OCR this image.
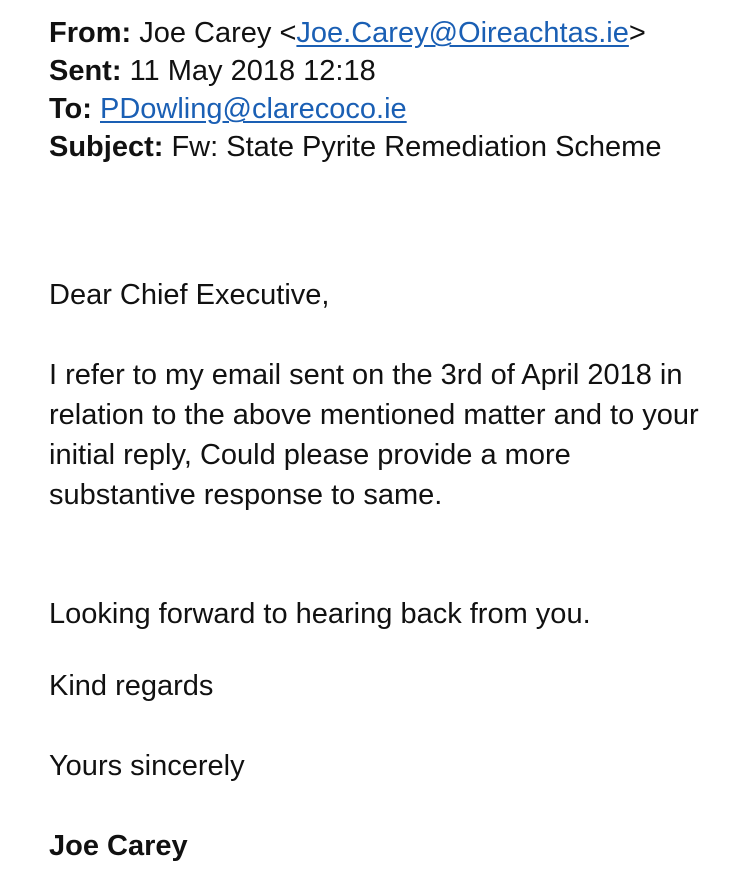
From: Joe Carey <Joe.Carey@Oireachtas.ie>
Sent: 11 May 2018 12:18
To: PDowling@clarecoco.ie
Subject: Fw: State Pyrite Remediation Scheme
Dear Chief Executive,
I refer to my email sent on the 3rd of April 2018 in relation to the above mentioned matter and to your initial reply, Could please provide a more substantive response to same.
Looking forward to hearing back from you.
Kind regards
Yours sincerely
Joe Carey
